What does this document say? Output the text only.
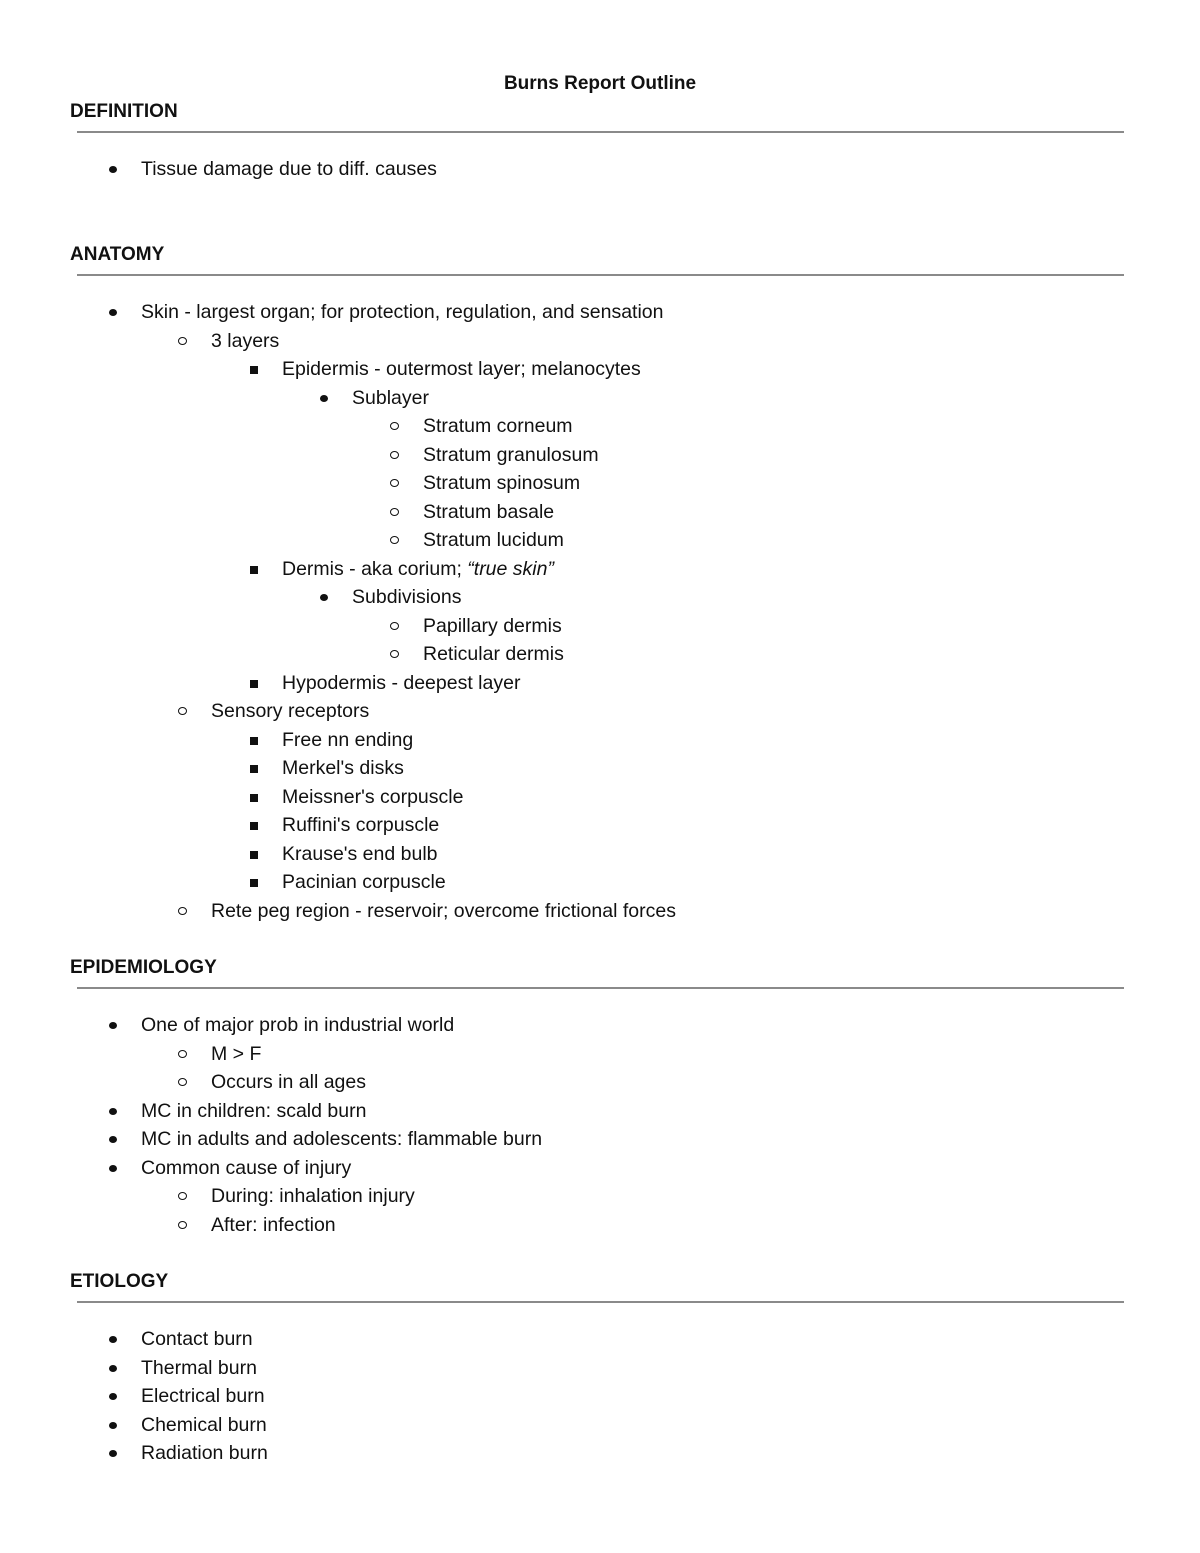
Burns Report Outline
DEFINITION
Tissue damage due to diff. causes
ANATOMY
Skin - largest organ; for protection, regulation, and sensation
3 layers
Epidermis - outermost layer; melanocytes
Sublayer
Stratum corneum
Stratum granulosum
Stratum spinosum
Stratum basale
Stratum lucidum
Dermis - aka corium; “true skin”
Subdivisions
Papillary dermis
Reticular dermis
Hypodermis - deepest layer
Sensory receptors
Free nn ending
Merkel's disks
Meissner's corpuscle
Ruffini's corpuscle
Krause's end bulb
Pacinian corpuscle
Rete peg region - reservoir; overcome frictional forces
EPIDEMIOLOGY
One of major prob in industrial world
M > F
Occurs in all ages
MC in children: scald burn
MC in adults and adolescents: flammable burn
Common cause of injury
During: inhalation injury
After: infection
ETIOLOGY
Contact burn
Thermal burn
Electrical burn
Chemical burn
Radiation burn
